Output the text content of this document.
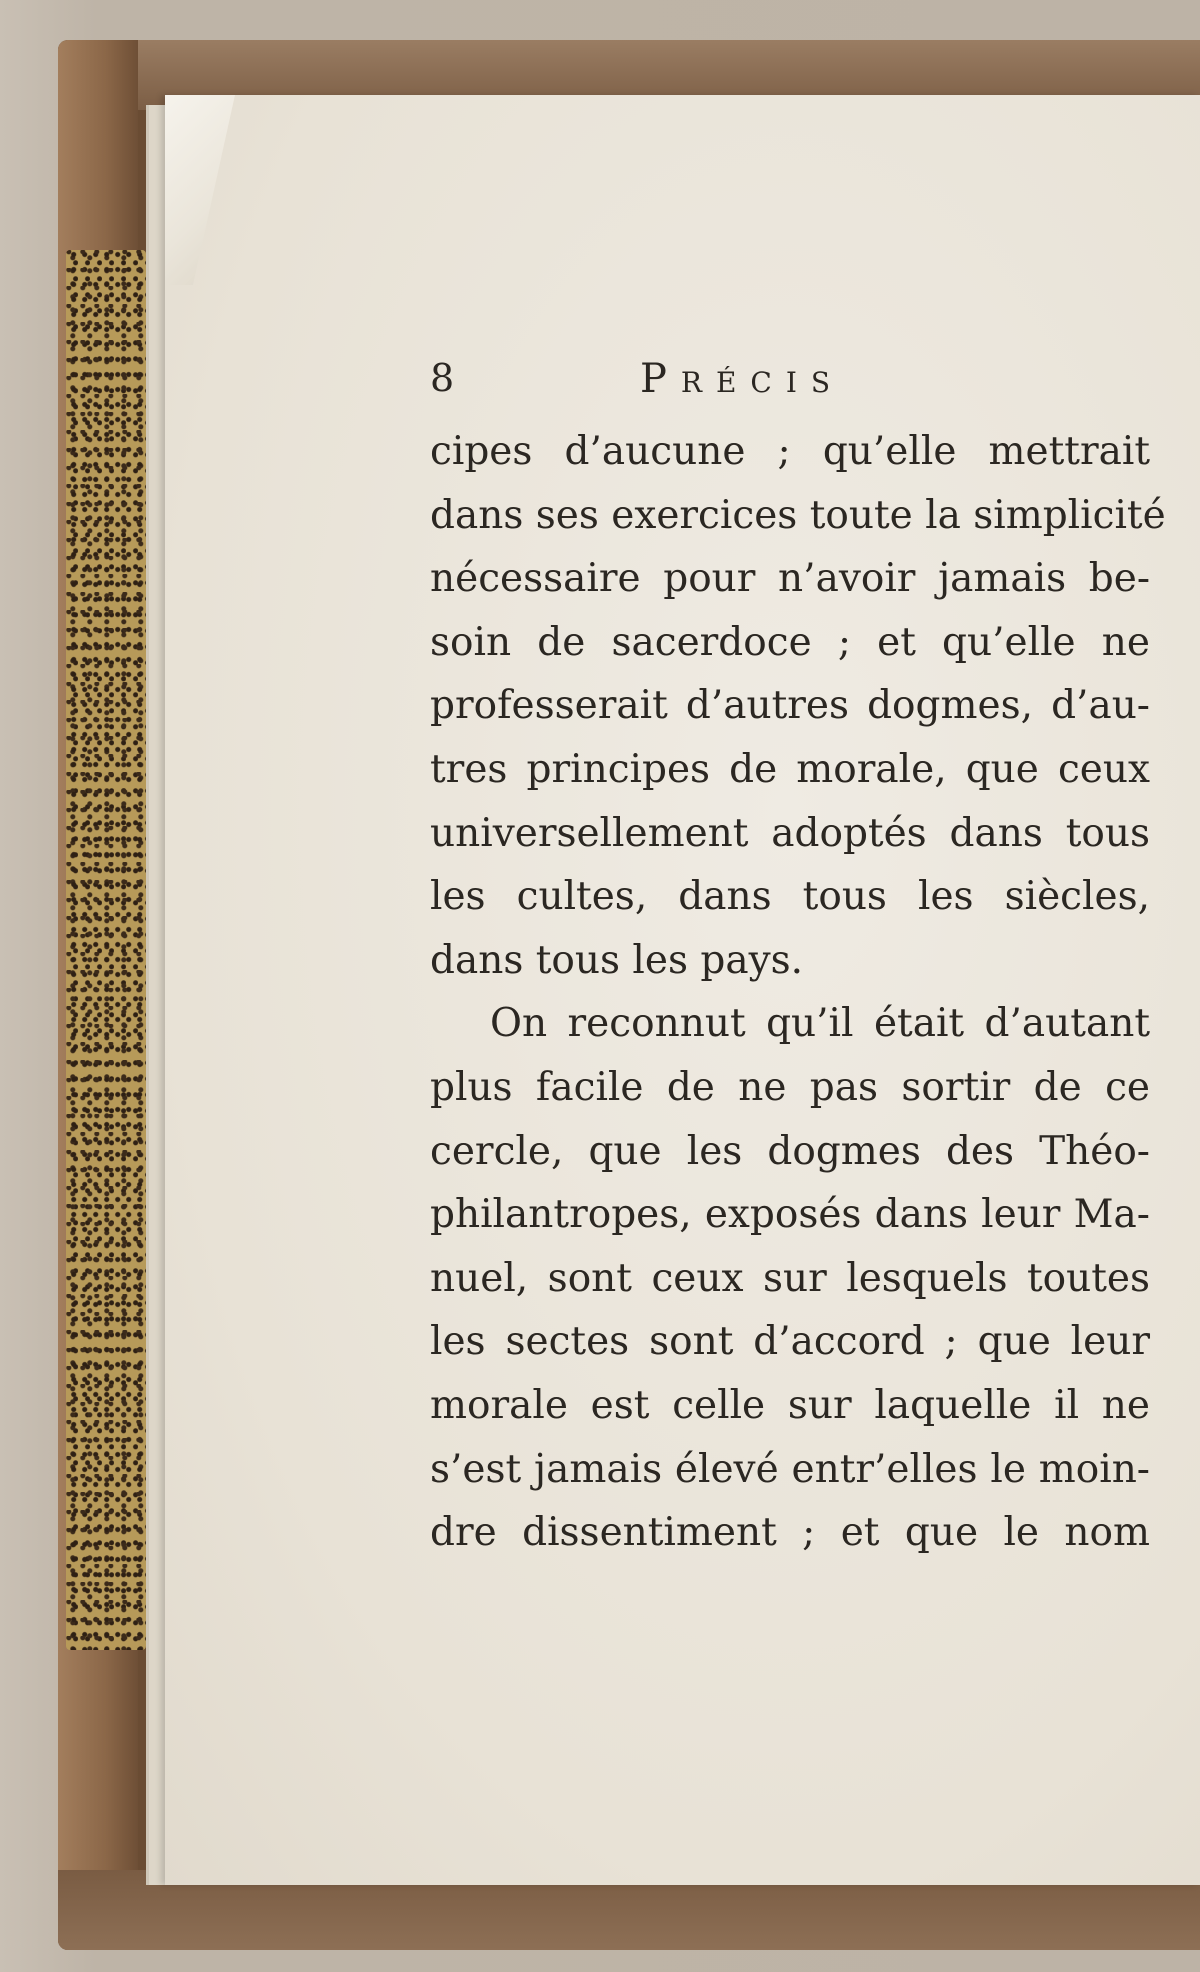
8	Précis
cipes d’aucune ; qu’elle mettrait
dans ses exercices toute la simplicité
nécessaire pour n’avoir jamais be-
soin de sacerdoce ; et qu’elle ne
professerait d’autres dogmes, d’au-
tres principes de morale, que ceux
universellement adoptés dans tous
les cultes, dans tous les siècles,
dans tous les pays.
On reconnut qu’il était d’autant
plus facile de ne pas sortir de ce
cercle, que les dogmes des Théo-
philantropes, exposés dans leur Ma-
nuel, sont ceux sur lesquels toutes
les sectes sont d’accord ; que leur
morale est celle sur laquelle il ne
s’est jamais élevé entr’elles le moin-
dre dissentiment ; et que le nom
